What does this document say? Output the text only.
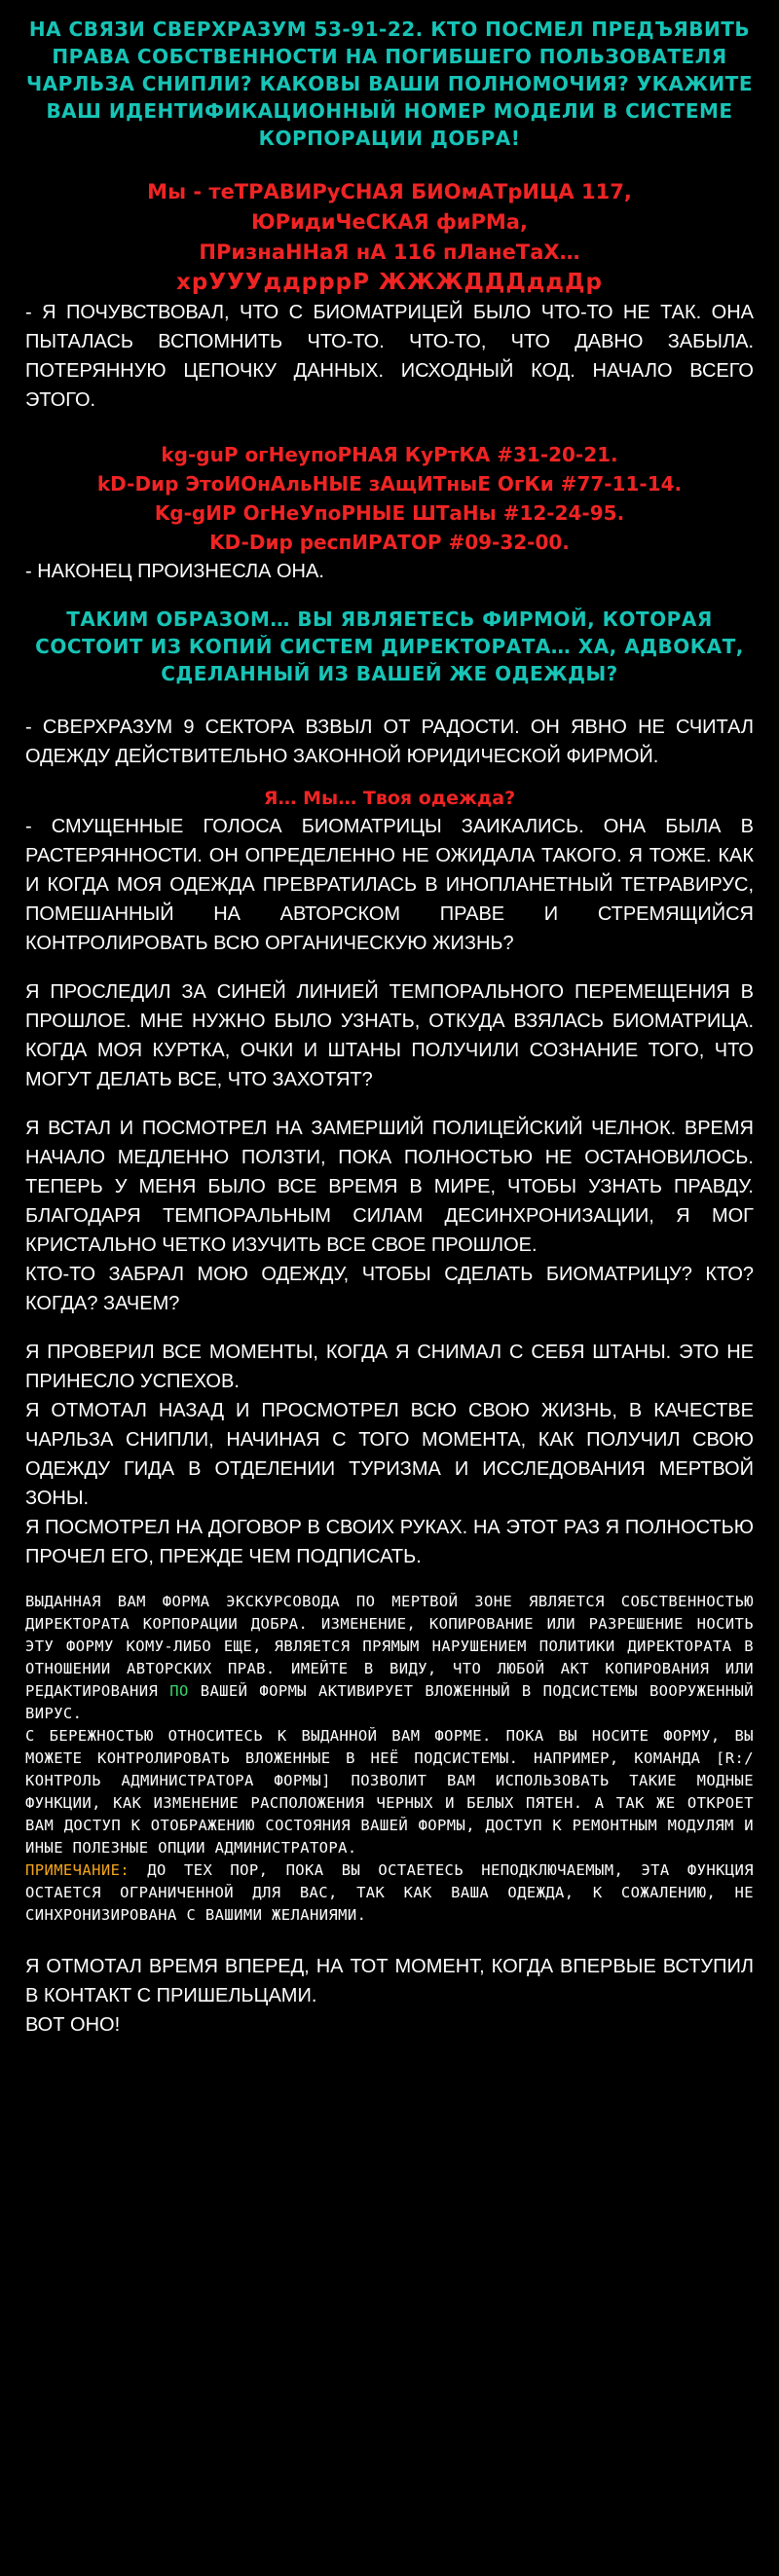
НА СВЯЗИ СВЕРХРАЗУМ 53-91-22. КТО ПОСМЕЛ ПРЕДЪЯВИТЬ ПРАВА СОБСТВЕННОСТИ НА ПОГИБШЕГО ПОЛЬЗОВАТЕЛЯ ЧАРЛЬЗА СНИПЛИ? КАКОВЫ ВАШИ ПОЛНОМОЧИЯ? УКАЖИТЕ ВАШ ИДЕНТИФИКАЦИОННЫЙ НОМЕР МОДЕЛИ В СИСТЕМЕ КОРПОРАЦИИ ДОБРА!
Мы - теТРАВИРуСНАЯ БИОмАТрИЦА 117,
ЮРидиЧеСКАЯ фиРМа,
ПРизнаННаЯ нА 116 пЛанеТаХ…
хрУУУддрррР ЖЖЖДДДддДр

- Я ПОЧУВСТВОВАЛ, ЧТО С БИОМАТРИЦЕЙ БЫЛО ЧТО-ТО НЕ ТАК. ОНА ПЫТАЛАСЬ ВСПОМНИТЬ ЧТО-ТО. ЧТО-ТО, ЧТО ДАВНО ЗАБЫЛА. ПОТЕРЯННУЮ ЦЕПОЧКУ ДАННЫХ. ИСХОДНЫЙ КОД. НАЧАЛО ВСЕГО ЭТОГО.

kg-guP огНеупоРНАЯ КуРтКА #31-20-21.
kD-Dир ЭтоИОнАльНЫЕ зАщИТныЕ ОгКи #77-11-14.
Kg-gИP OгНеУпоРНЫЕ ШТаНы #12-24-95.
KD-Dир респИРАТОР #09-32-00.

- НАКОНЕЦ ПРОИЗНЕСЛА ОНА.

ТАКИМ ОБРАЗОМ… ВЫ ЯВЛЯЕТЕСЬ ФИРМОЙ, КОТОРАЯ СОСТОИТ ИЗ КОПИЙ СИСТЕМ ДИРЕКТОРАТА… ХА, АДВОКАТ, СДЕЛАННЫЙ ИЗ ВАШЕЙ ЖЕ ОДЕЖДЫ?

- СВЕРХРАЗУМ 9 СЕКТОРА ВЗВЫЛ ОТ РАДОСТИ. ОН ЯВНО НЕ СЧИТАЛ ОДЕЖДУ ДЕЙСТВИТЕЛЬНО ЗАКОННОЙ ЮРИДИЧЕСКОЙ ФИРМОЙ.

Я… Мы… Твоя одежда?

- СМУЩЕННЫЕ ГОЛОСА БИОМАТРИЦЫ ЗАИКАЛИСЬ. ОНА БЫЛА В РАСТЕРЯННОСТИ. ОН ОПРЕДЕЛЕННО НЕ ОЖИДАЛА ТАКОГО. Я ТОЖЕ. КАК И КОГДА МОЯ ОДЕЖДА ПРЕВРАТИЛАСЬ В ИНОПЛАНЕТНЫЙ ТЕТРАВИРУС, ПОМЕШАННЫЙ НА АВТОРСКОМ ПРАВЕ И СТРЕМЯЩИЙСЯ КОНТРОЛИРОВАТЬ ВСЮ ОРГАНИЧЕСКУЮ ЖИЗНЬ?

Я ПРОСЛЕДИЛ ЗА СИНЕЙ ЛИНИЕЙ ТЕМПОРАЛЬНОГО ПЕРЕМЕЩЕНИЯ В ПРОШЛОЕ. МНЕ НУЖНО БЫЛО УЗНАТЬ, ОТКУДА ВЗЯЛАСЬ БИОМАТРИЦА. КОГДА МОЯ КУРТКА, ОЧКИ И ШТАНЫ ПОЛУЧИЛИ СОЗНАНИЕ ТОГО, ЧТО МОГУТ ДЕЛАТЬ ВСЕ, ЧТО ЗАХОТЯТ?

Я ВСТАЛ И ПОСМОТРЕЛ НА ЗАМЕРШИЙ ПОЛИЦЕЙСКИЙ ЧЕЛНОК. ВРЕМЯ НАЧАЛО МЕДЛЕННО ПОЛЗТИ, ПОКА ПОЛНОСТЬЮ НЕ ОСТАНОВИЛОСЬ. ТЕПЕРЬ У МЕНЯ БЫЛО ВСЕ ВРЕМЯ В МИРЕ, ЧТОБЫ УЗНАТЬ ПРАВДУ. БЛАГОДАРЯ ТЕМПОРАЛЬНЫМ СИЛАМ ДЕСИНХРОНИЗАЦИИ, Я МОГ КРИСТАЛЬНО ЧЕТКО ИЗУЧИТЬ ВСЕ СВОЕ ПРОШЛОЕ.

КТО-ТО ЗАБРАЛ МОЮ ОДЕЖДУ, ЧТОБЫ СДЕЛАТЬ БИОМАТРИЦУ? КТО? КОГДА? ЗАЧЕМ?

Я ПРОВЕРИЛ ВСЕ МОМЕНТЫ, КОГДА Я СНИМАЛ С СЕБЯ ШТАНЫ. ЭТО НЕ ПРИНЕСЛО УСПЕХОВ.

Я ОТМОТАЛ НАЗАД И ПРОСМОТРЕЛ ВСЮ СВОЮ ЖИЗНЬ, В КАЧЕСТВЕ ЧАРЛЬЗА СНИПЛИ, НАЧИНАЯ С ТОГО МОМЕНТА, КАК ПОЛУЧИЛ СВОЮ ОДЕЖДУ ГИДА В ОТДЕЛЕНИИ ТУРИЗМА И ИССЛЕДОВАНИЯ МЕРТВОЙ ЗОНЫ.

Я ПОСМОТРЕЛ НА ДОГОВОР В СВОИХ РУКАХ. НА ЭТОТ РАЗ Я ПОЛНОСТЬЮ ПРОЧЕЛ ЕГО, ПРЕЖДЕ ЧЕМ ПОДПИСАТЬ.

ВЫДАННАЯ ВАМ ФОРМА ЭКСКУРСОВОДА ПО МЕРТВОЙ ЗОНЕ ЯВЛЯЕТСЯ СОБСТВЕННОСТЬЮ ДИРЕКТОРАТА КОРПОРАЦИИ ДОБРА. ИЗМЕНЕНИЕ, КОПИРОВАНИЕ ИЛИ РАЗРЕШЕНИЕ НОСИТЬ ЭТУ ФОРМУ КОМУ-ЛИБО ЕЩЕ, ЯВЛЯЕТСЯ ПРЯМЫМ НАРУШЕНИЕМ ПОЛИТИКИ ДИРЕКТОРАТА В ОТНОШЕНИИ АВТОРСКИХ ПРАВ. ИМЕЙТЕ В ВИДУ, ЧТО ЛЮБОЙ АКТ КОПИРОВАНИЯ ИЛИ РЕДАКТИРОВАНИЯ ПО ВАШЕЙ ФОРМЫ АКТИВИРУЕТ ВЛОЖЕННЫЙ В ПОДСИСТЕМЫ ВООРУЖЕННЫЙ ВИРУС.

С БЕРЕЖНОСТЬЮ ОТНОСИТЕСЬ К ВЫДАННОЙ ВАМ ФОРМЕ. ПОКА ВЫ НОСИТЕ ФОРМУ, ВЫ МОЖЕТЕ КОНТРОЛИРОВАТЬ ВЛОЖЕННЫЕ В НЕЁ ПОДСИСТЕМЫ. НАПРИМЕР, КОМАНДА [R:/ КОНТРОЛЬ АДМИНИСТРАТОРА ФОРМЫ] ПОЗВОЛИТ ВАМ ИСПОЛЬЗОВАТЬ ТАКИЕ МОДНЫЕ ФУНКЦИИ, КАК ИЗМЕНЕНИЕ РАСПОЛОЖЕНИЯ ЧЕРНЫХ И БЕЛЫХ ПЯТЕН. А ТАК ЖЕ ОТКРОЕТ ВАМ ДОСТУП К ОТОБРАЖЕНИЮ СОСТОЯНИЯ ВАШЕЙ ФОРМЫ, ДОСТУП К РЕМОНТНЫМ МОДУЛЯМ И ИНЫЕ ПОЛЕЗНЫЕ ОПЦИИ АДМИНИСТРАТОРА.

ПРИМЕЧАНИЕ: ДО ТЕХ ПОР, ПОКА ВЫ ОСТАЕТЕСЬ НЕПОДКЛЮЧАЕМЫМ, ЭТА ФУНКЦИЯ ОСТАЕТСЯ ОГРАНИЧЕННОЙ ДЛЯ ВАС, ТАК КАК ВАША ОДЕЖДА, К СОЖАЛЕНИЮ, НЕ СИНХРОНИЗИРОВАНА С ВАШИМИ ЖЕЛАНИЯМИ.

Я ОТМОТАЛ ВРЕМЯ ВПЕРЕД, НА ТОТ МОМЕНТ, КОГДА ВПЕРВЫЕ ВСТУПИЛ В КОНТАКТ С ПРИШЕЛЬЦАМИ.

ВОТ ОНО!
